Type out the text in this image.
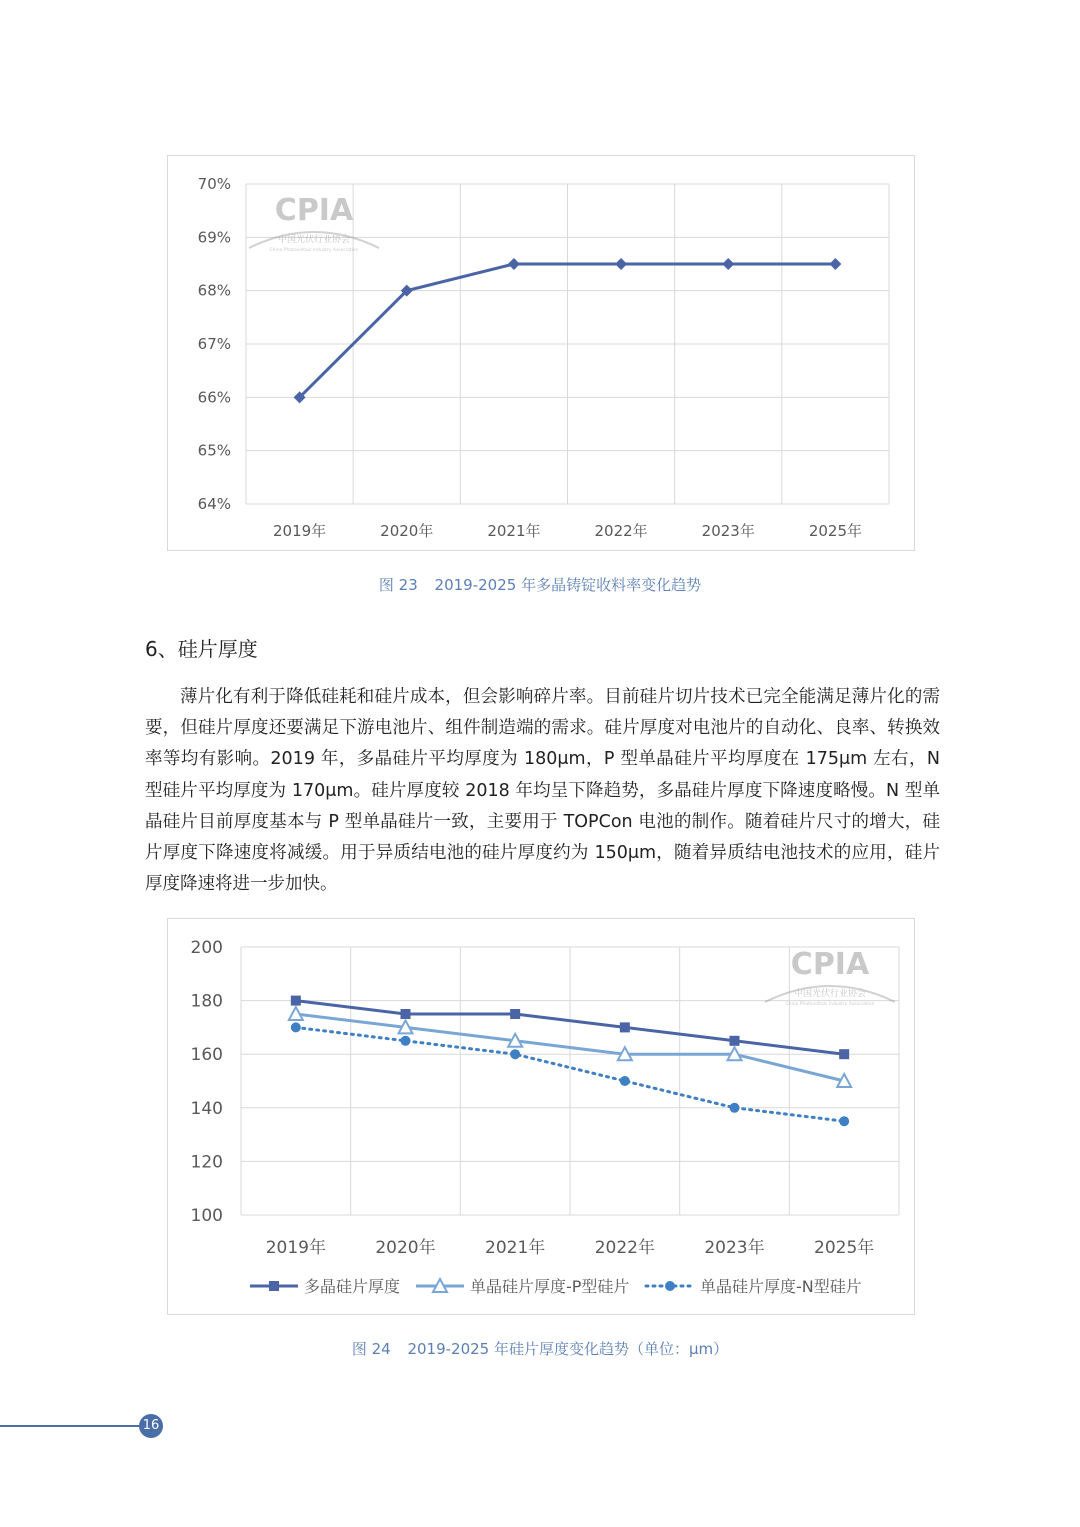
70%
69%
68%
67%
66%
65%
64%
2019年	2020年	2021年	2022年	2023年	2025年
CPIA
中国光伏行业协会
China Photovoltaic Industry Association
图 23 2019-2025 年多晶铸锭收料率变化趋势
6、硅片厚度

薄片化有利于降低硅耗和硅片成本，但会影响碎片率。目前硅片切片技术已完全能满足薄片化的需要，但硅片厚度还要满足下游电池片、组件制造端的需求。硅片厚度对电池片的自动化、良率、转换效率等均有影响。2019 年，多晶硅片平均厚度为 180μm，P 型单晶硅片平均厚度在 175μm 左右，N 型硅片平均厚度为 170μm。硅片厚度较 2018 年均呈下降趋势，多晶硅片厚度下降速度略慢。N 型单晶硅片目前厚度基本与 P 型单晶硅片一致，主要用于 TOPCon 电池的制作。随着硅片尺寸的增大，硅片厚度下降速度将减缓。用于异质结电池的硅片厚度约为 150μm，随着异质结电池技术的应用，硅片厚度降速将进一步加快。

200
180
160
140
120
100
2019年	2020年	2021年	2022年	2023年	2025年
CPIA
中国光伏行业协会
China Photovoltaic Industry Association
多晶硅片厚度	单晶硅片厚度-P型硅片	单晶硅片厚度-N型硅片
图 24 2019-2025 年硅片厚度变化趋势（单位：μm）
16
